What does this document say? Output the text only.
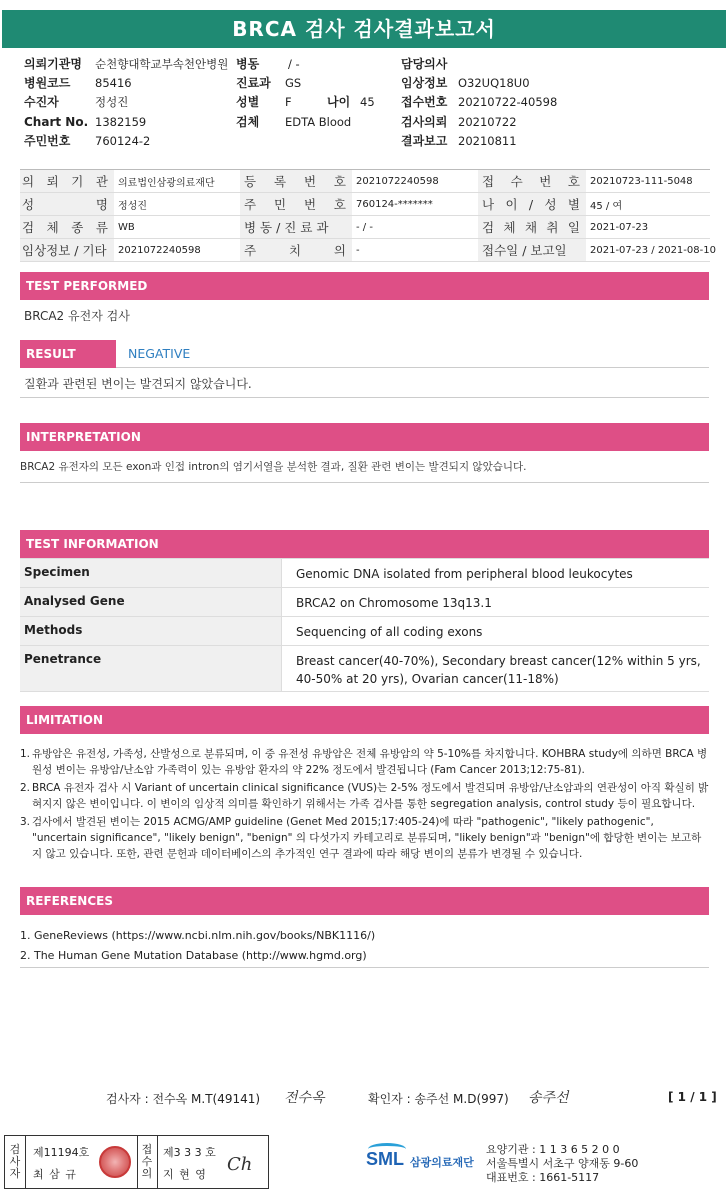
BRCA 검사 검사결과보고서
의뢰기관명 순천향대학교부속천안병원 병동	/ -	담당의사
병원코드 85416	진료과 GS	임상정보 O32UQ18U0
수진자	정성진	성별 F	나이 45 접수번호 20210722-40598
Chart No. 1382159	검체 EDTA Blood	검사의뢰 20210722
주민번호 760124-2	결과보고 20210811
의 뢰 기 관	의료법인삼광의료재단	등 록 번 호	2021072240598	접 수 번 호	20210723-111-5048
성	명	정성진	주 민 번 호	760124-*******	나 이 / 성 별	45 / 여
검 체 종 류	WB	병 동 / 진 료 과	- / -	검 체 채 취 일	2021-07-23
임상정보 / 기타	2021072240598	주	치	의	-	접수일 / 보고일	2021-07-23 / 2021-08-10
TEST PERFORMED
BRCA2 유전자 검사
RESULT	NEGATIVE
질환과 관련된 변이는 발견되지 않았습니다.
INTERPRETATION
BRCA2 유전자의 모든 exon과 인접 intron의 염기서열을 분석한 결과, 질환 관련 변이는 발견되지 않았습니다.
TEST INFORMATION
Specimen	Genomic DNA isolated from peripheral blood leukocytes
Analysed Gene	BRCA2 on Chromosome 13q13.1
Methods	Sequencing of all coding exons
Penetrance	Breast cancer(40-70%), Secondary breast cancer(12% within 5 yrs,
40-50% at 20 yrs), Ovarian cancer(11-18%)
LIMITATION
1. 유방암은 유전성, 가족성, 산발성으로 분류되며, 이 중 유전성 유방암은 전체 유방암의 약 5-10%를 차지합니다. KOHBRA study에 의하면 BRCA 병원성 변이는 유방암/난소암 가족력이 있는 유방암 환자의 약 22% 정도에서 발견됩니다 (Fam Cancer 2013;12:75-81).
2. BRCA 유전자 검사 시 Variant of uncertain clinical significance (VUS)는 2-5% 정도에서 발견되며 유방암/난소암과의 연관성이 아직 확실히 밝혀지지 않은 변이입니다. 이 변이의 임상적 의미를 확인하기 위해서는 가족 검사를 통한 segregation analysis, control study 등이 필요합니다.
3. 검사에서 발견된 변이는 2015 ACMG/AMP guideline (Genet Med 2015;17:405-24)에 따라 "pathogenic", "likely pathogenic", "uncertain significance", "likely benign", "benign" 의 다섯가지 카테고리로 분류되며, "likely benign"과 "benign"에 합당한 변이는 보고하지 않고 있습니다. 또한, 관련 문헌과 데이터베이스의 추가적인 연구 결과에 따라 해당 변이의 분류가 변경될 수 있습니다.
REFERENCES
1. GeneReviews (https://www.ncbi.nlm.nih.gov/books/NBK1116/)
2. The Human Gene Mutation Database (http://www.hgmd.org)
검사자 : 전수옥 M.T(49141) 전수옥	확인자 : 송주선 M.D(997) 송주선	[ 1 / 1 ]
검
사
자
제11194호
최 삼 규
접
수
의
제3 3 3 호
지 현 영 Ch	SML 삼광의료재단
요양기관 : 1 1 3 6 5 2 0 0
서울특별시 서초구 양재동 9-60
대표번호 : 1661-5117
